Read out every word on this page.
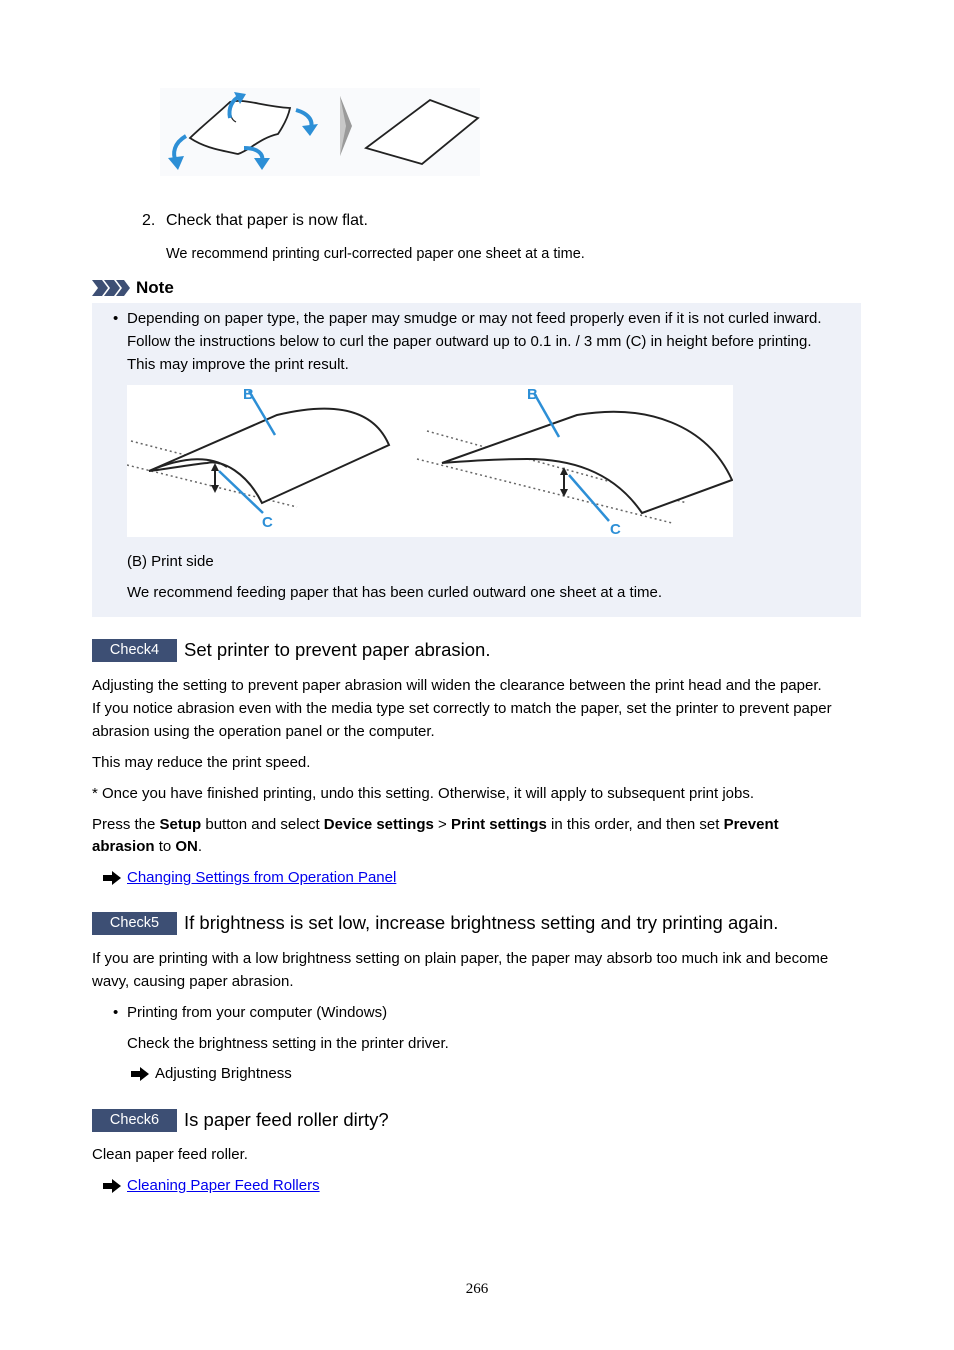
2. Check that paper is now flat.
We recommend printing curl-corrected paper one sheet at a time.
Note
• Depending on paper type, the paper may smudge or may not feed properly even if it is not curled inward.
Follow the instructions below to curl the paper outward up to 0.1 in. / 3 mm (C) in height before printing.
This may improve the print result.
B
C
B
C
(B) Print side
We recommend feeding paper that has been curled outward one sheet at a time.
Check4	Set printer to prevent paper abrasion.
Adjusting the setting to prevent paper abrasion will widen the clearance between the print head and the paper.
If you notice abrasion even with the media type set correctly to match the paper, set the printer to prevent paper
abrasion using the operation panel or the computer.
This may reduce the print speed.
* Once you have finished printing, undo this setting. Otherwise, it will apply to subsequent print jobs.
Press the Setup button and select Device settings > Print settings in this order, and then set Prevent
abrasion to ON.
Changing Settings from Operation Panel
Check5	If brightness is set low, increase brightness setting and try printing again.
If you are printing with a low brightness setting on plain paper, the paper may absorb too much ink and become
wavy, causing paper abrasion.
• Printing from your computer (Windows)
Check the brightness setting in the printer driver.
Adjusting Brightness
Check6	Is paper feed roller dirty?
Clean paper feed roller.
Cleaning Paper Feed Rollers
266
